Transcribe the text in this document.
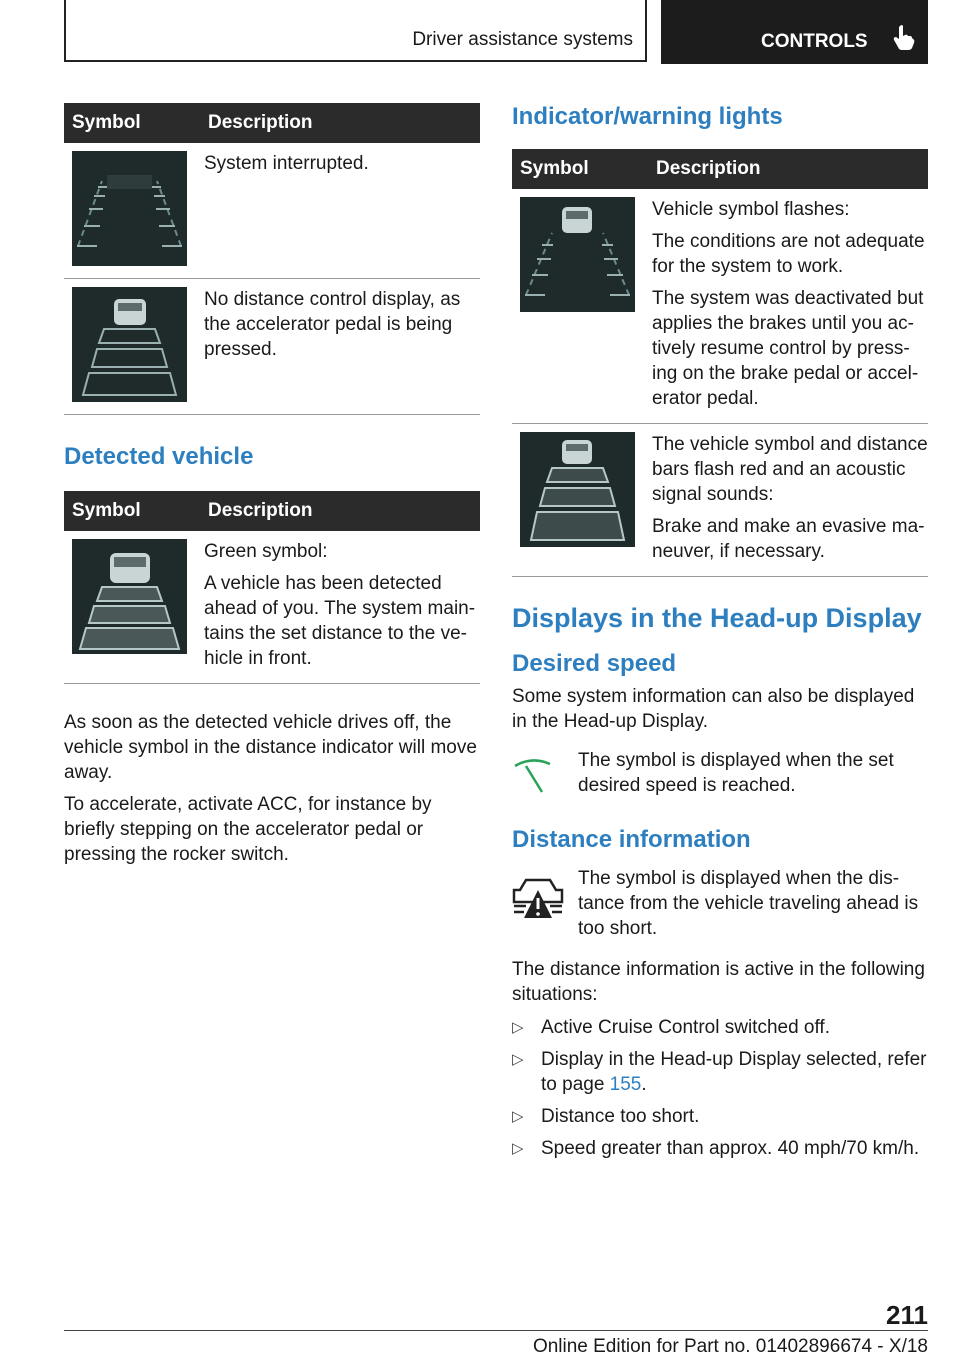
Driver assistance systems	CONTROLS
Symbol	Description

System interrupted.

No distance control display, as the accelerator pedal is being pressed.

Detected vehicle
Symbol	Description

Green symbol:

A vehicle has been detected ahead of you. The system maintains the set distance to the vehicle in front.

As soon as the detected vehicle drives off, the vehicle symbol in the distance indicator will move away.

To accelerate, activate ACC, for instance by briefly stepping on the accelerator pedal or pressing the rocker switch.

Indicator/warning lights
Symbol	Description

Vehicle symbol flashes:

The conditions are not adequate for the system to work.

The system was deactivated but applies the brakes until you actively resume control by pressing on the brake pedal or accelerator pedal.

The vehicle symbol and distance bars flash red and an acoustic signal sounds:

Brake and make an evasive maneuver, if necessary.

Displays in the Head-up Display
Desired speed

Some system information can also be displayed in the Head-up Display.

The symbol is displayed when the set desired speed is reached.

Distance information

The symbol is displayed when the distance from the vehicle traveling ahead is too short.

The distance information is active in the following situations:

▷ Active Cruise Control switched off.
▷ Display in the Head-up Display selected, refer to page 155.
▷ Distance too short.
▷ Speed greater than approx. 40 mph/70 km/h.
211
Online Edition for Part no. 01402896674 - X/18
